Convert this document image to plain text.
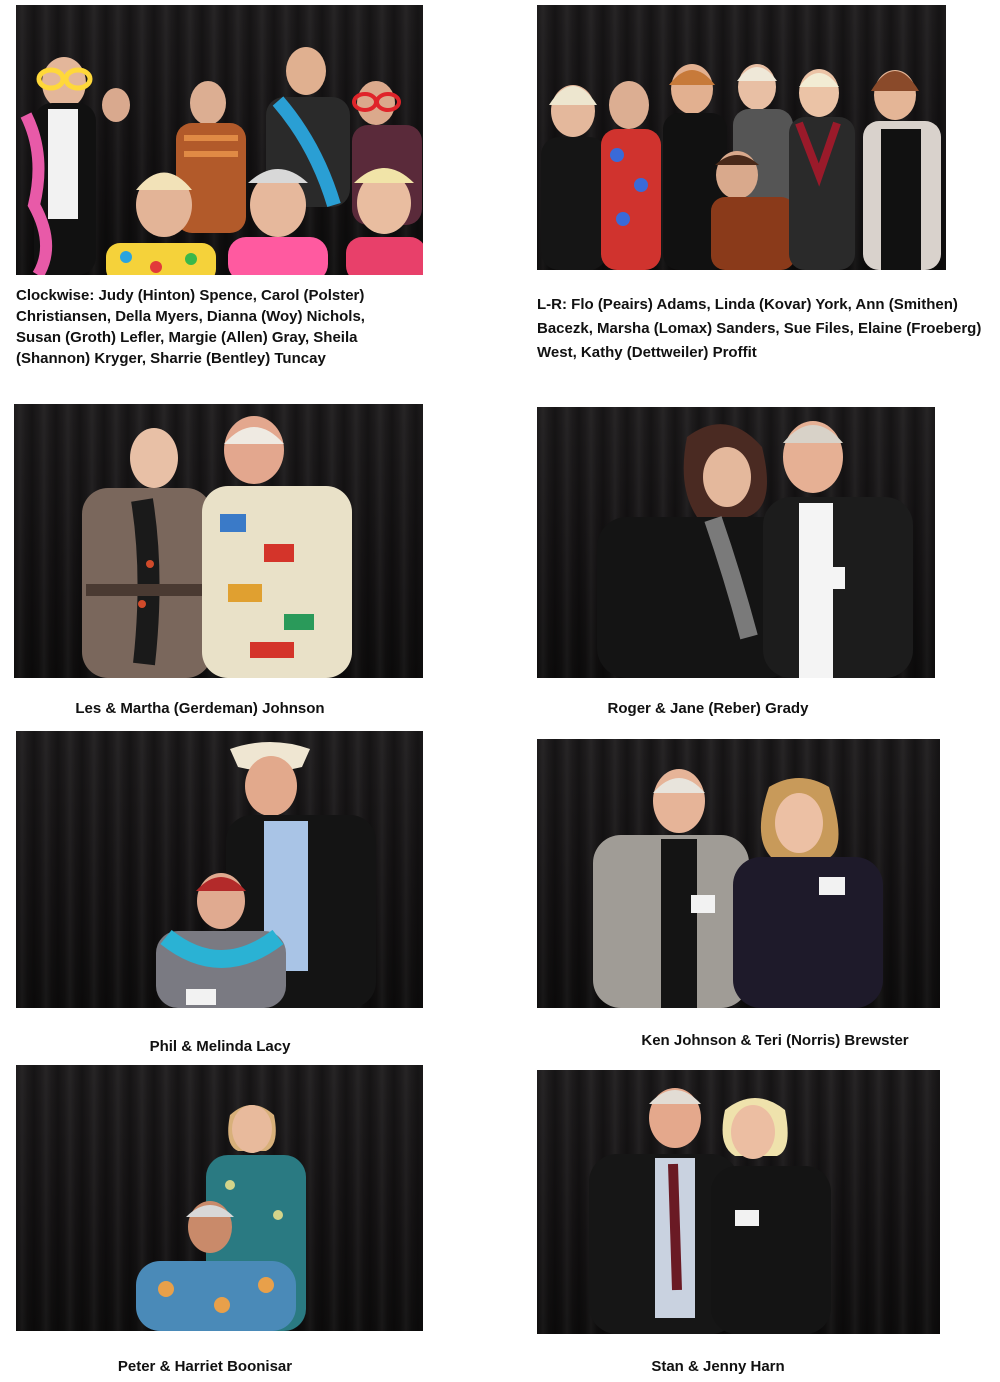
Clockwise: Judy (Hinton) Spence, Carol (Polster) Christiansen, Della Myers, Dianna (Woy) Nichols, Susan (Groth) Lefler, Margie (Allen) Gray, Sheila (Shannon) Kryger, Sharrie (Bentley) Tuncay
L-R: Flo (Peairs) Adams, Linda (Kovar) York, Ann (Smithen) Bacezk, Marsha (Lomax) Sanders, Sue Files, Elaine (Froeberg) West, Kathy (Dettweiler) Proffit
Les & Martha (Gerdeman) Johnson	Roger & Jane (Reber) Grady
Phil & Melinda Lacy	Ken Johnson & Teri (Norris) Brewster
Peter & Harriet Boonisar	Stan & Jenny Harn
